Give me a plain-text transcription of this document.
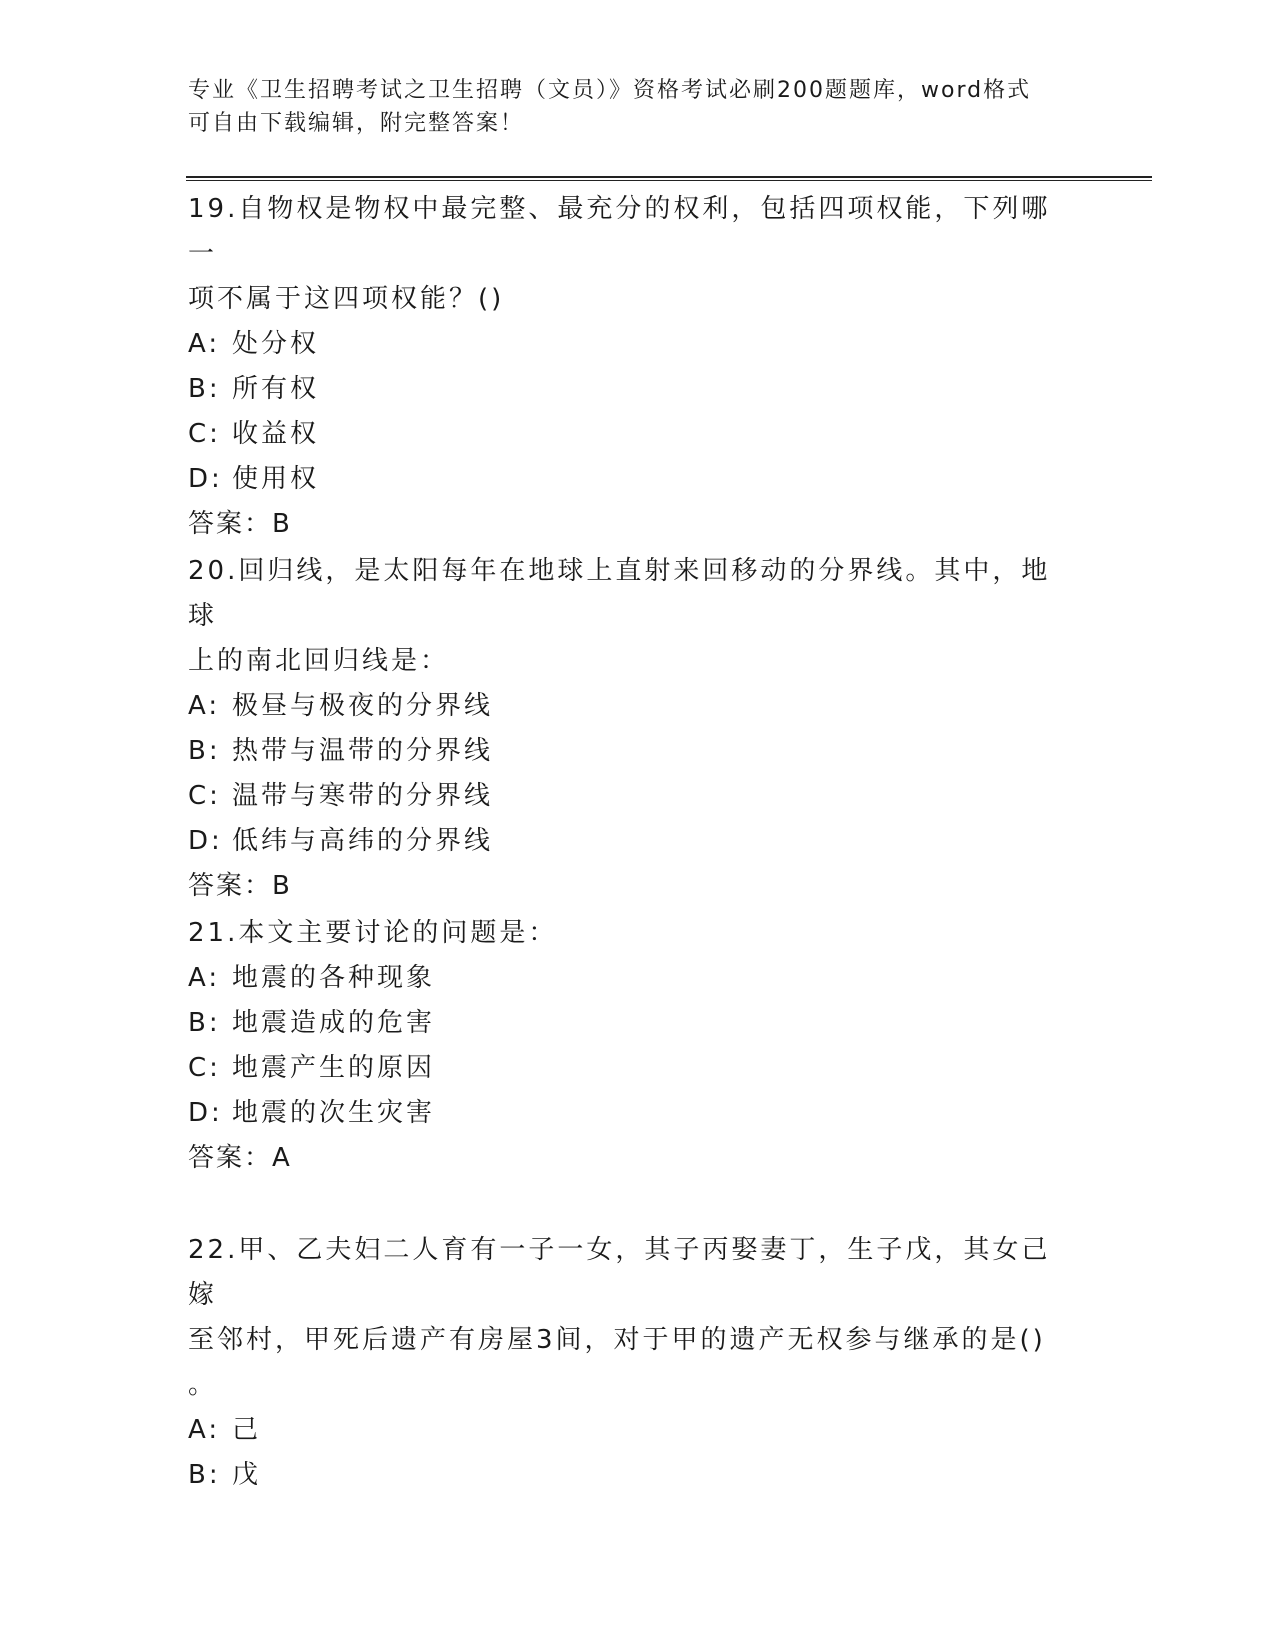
专业《卫生招聘考试之卫生招聘（文员）》资格考试必刷200题题库，word格式
可自由下载编辑，附完整答案！
19.自物权是物权中最完整、最充分的权利，包括四项权能，下列哪一
项不属于这四项权能？()
A: 处分权
B: 所有权
C: 收益权
D: 使用权
答案：B
20.回归线，是太阳每年在地球上直射来回移动的分界线。其中，地球
上的南北回归线是：
A: 极昼与极夜的分界线
B: 热带与温带的分界线
C: 温带与寒带的分界线
D: 低纬与高纬的分界线
答案：B
21.本文主要讨论的问题是：
A: 地震的各种现象
B: 地震造成的危害
C: 地震产生的原因
D: 地震的次生灾害
答案：A
22.甲、乙夫妇二人育有一子一女，其子丙娶妻丁，生子戊，其女己嫁
至邻村，甲死后遗产有房屋3间，对于甲的遗产无权参与继承的是()
。
A: 己
B: 戊
